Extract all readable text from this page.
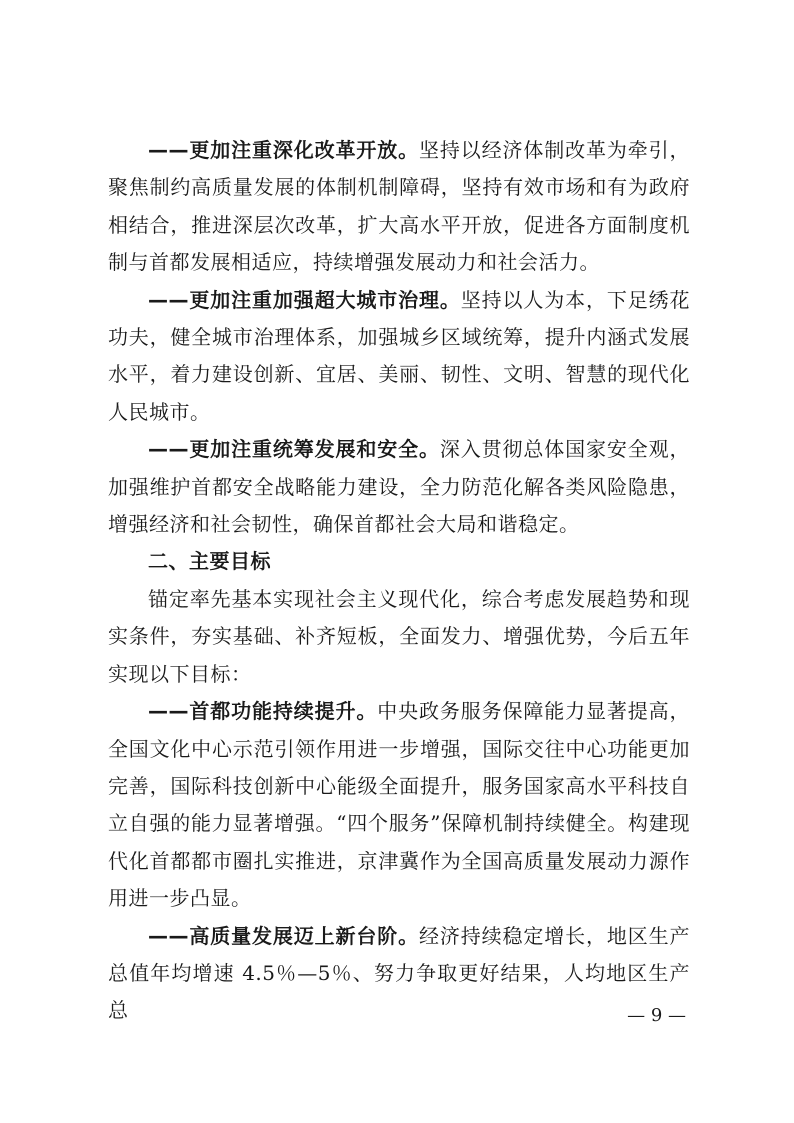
——更加注重深化改革开放。坚持以经济体制改革为牵引，聚焦制约高质量发展的体制机制障碍，坚持有效市场和有为政府相结合，推进深层次改革，扩大高水平开放，促进各方面制度机制与首都发展相适应，持续增强发展动力和社会活力。

——更加注重加强超大城市治理。坚持以人为本，下足绣花功夫，健全城市治理体系，加强城乡区域统筹，提升内涵式发展水平，着力建设创新、宜居、美丽、韧性、文明、智慧的现代化人民城市。

——更加注重统筹发展和安全。深入贯彻总体国家安全观，加强维护首都安全战略能力建设，全力防范化解各类风险隐患，增强经济和社会韧性，确保首都社会大局和谐稳定。

二、主要目标

锚定率先基本实现社会主义现代化，综合考虑发展趋势和现实条件，夯实基础、补齐短板，全面发力、增强优势，今后五年实现以下目标：

——首都功能持续提升。中央政务服务保障能力显著提高，全国文化中心示范引领作用进一步增强，国际交往中心功能更加完善，国际科技创新中心能级全面提升，服务国家高水平科技自立自强的能力显著增强。“四个服务”保障机制持续健全。构建现代化首都都市圈扎实推进，京津冀作为全国高质量发展动力源作用进一步凸显。

——高质量发展迈上新台阶。经济持续稳定增长，地区生产总值年均增速 4.5％—5％、努力争取更好结果，人均地区生产总	— 9 —
